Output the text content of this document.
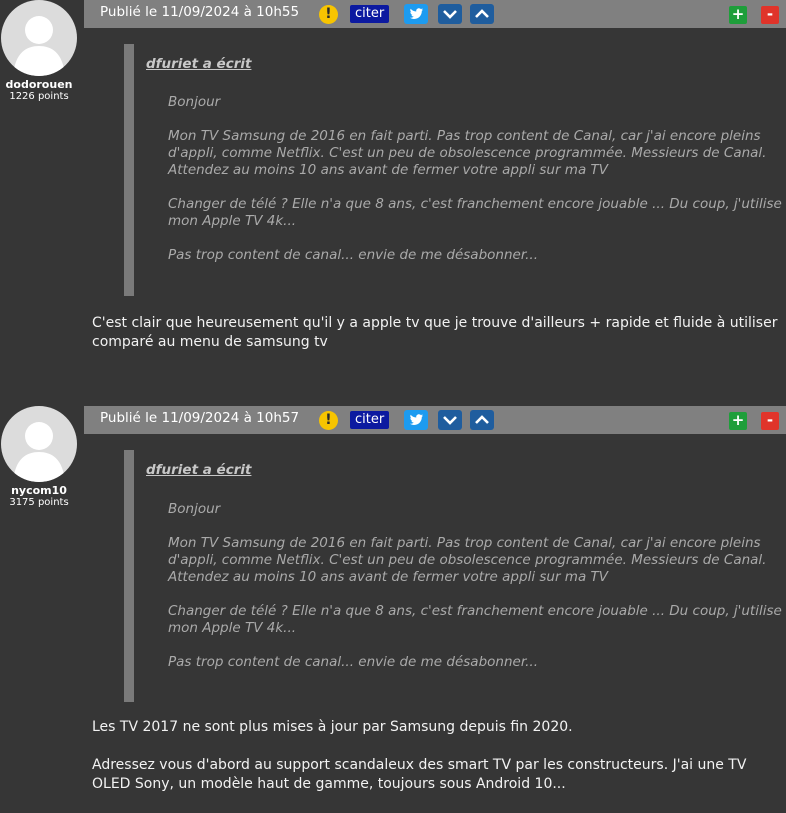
dodorouen
1226 points
Publié le 11/09/2024 à 10h55	!	citer	+	-
dfuriet a écrit

Bonjour

Mon TV Samsung de 2016 en fait parti. Pas trop content de Canal, car j'ai encore pleins d'appli, comme Netflix. C'est un peu de obsolescence programmée. Messieurs de Canal. Attendez au moins 10 ans avant de fermer votre appli sur ma TV

Changer de télé ? Elle n'a que 8 ans, c'est franchement encore jouable ... Du coup, j'utilise mon Apple TV 4k...

Pas trop content de canal... envie de me désabonner...

C'est clair que heureusement qu'il y a apple tv que je trouve d'ailleurs + rapide et fluide à utiliser comparé au menu de samsung tv

nycom10
3175 points
Publié le 11/09/2024 à 10h57	!	citer	+	-
dfuriet a écrit

Bonjour

Mon TV Samsung de 2016 en fait parti. Pas trop content de Canal, car j'ai encore pleins d'appli, comme Netflix. C'est un peu de obsolescence programmée. Messieurs de Canal. Attendez au moins 10 ans avant de fermer votre appli sur ma TV

Changer de télé ? Elle n'a que 8 ans, c'est franchement encore jouable ... Du coup, j'utilise mon Apple TV 4k...

Pas trop content de canal... envie de me désabonner...

Les TV 2017 ne sont plus mises à jour par Samsung depuis fin 2020.

Adressez vous d'abord au support scandaleux des smart TV par les constructeurs. J'ai une TV OLED Sony, un modèle haut de gamme, toujours sous Android 10...
